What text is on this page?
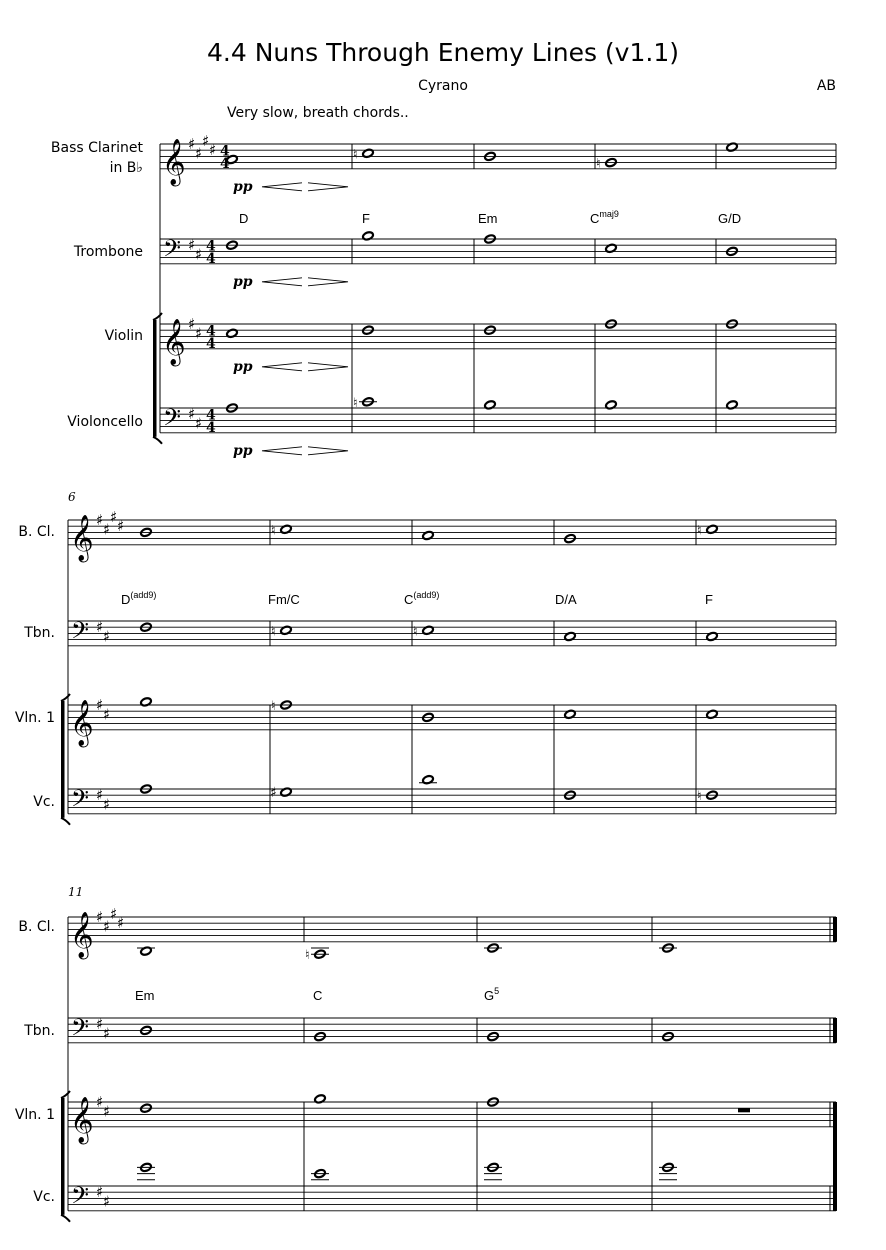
4.4 Nuns Through Enemy Lines (v1.1)
Cyrano	AB
Very slow, breath chords..
Bass Clarinet
in B♭
Trombone
Violin
Violoncello
B. Cl.
Tbn.
Vln. 1
Vc.
B. Cl.
Tbn.
Vln. 1
Vc.
6
11
D	F	Em	$C^{maj9}$	G/D
$D^{(add9)}$	Fm/C	$C^{(add9)}$	D/A	F
Em	C	$G^5$
𝄞 ♯
♯
♯
♯ 4
4
𝄢 ♯
♯ 4
4
𝄞 ♯
♯ 4
4
𝄢 ♯
♯ 4
4
♮
♮
♮
pp
pp
pp
pp
𝄞 ♯
♯
♯
♯
𝄢 ♯
♯
𝄞 ♯
♯
𝄢 ♯
♯
♮	♮
♮	♮
♮
♯	♮
𝄞 ♯
♯
♯
♯
𝄢 ♯
♯
𝄞 ♯
♯
𝄢 ♯
♯
♮
